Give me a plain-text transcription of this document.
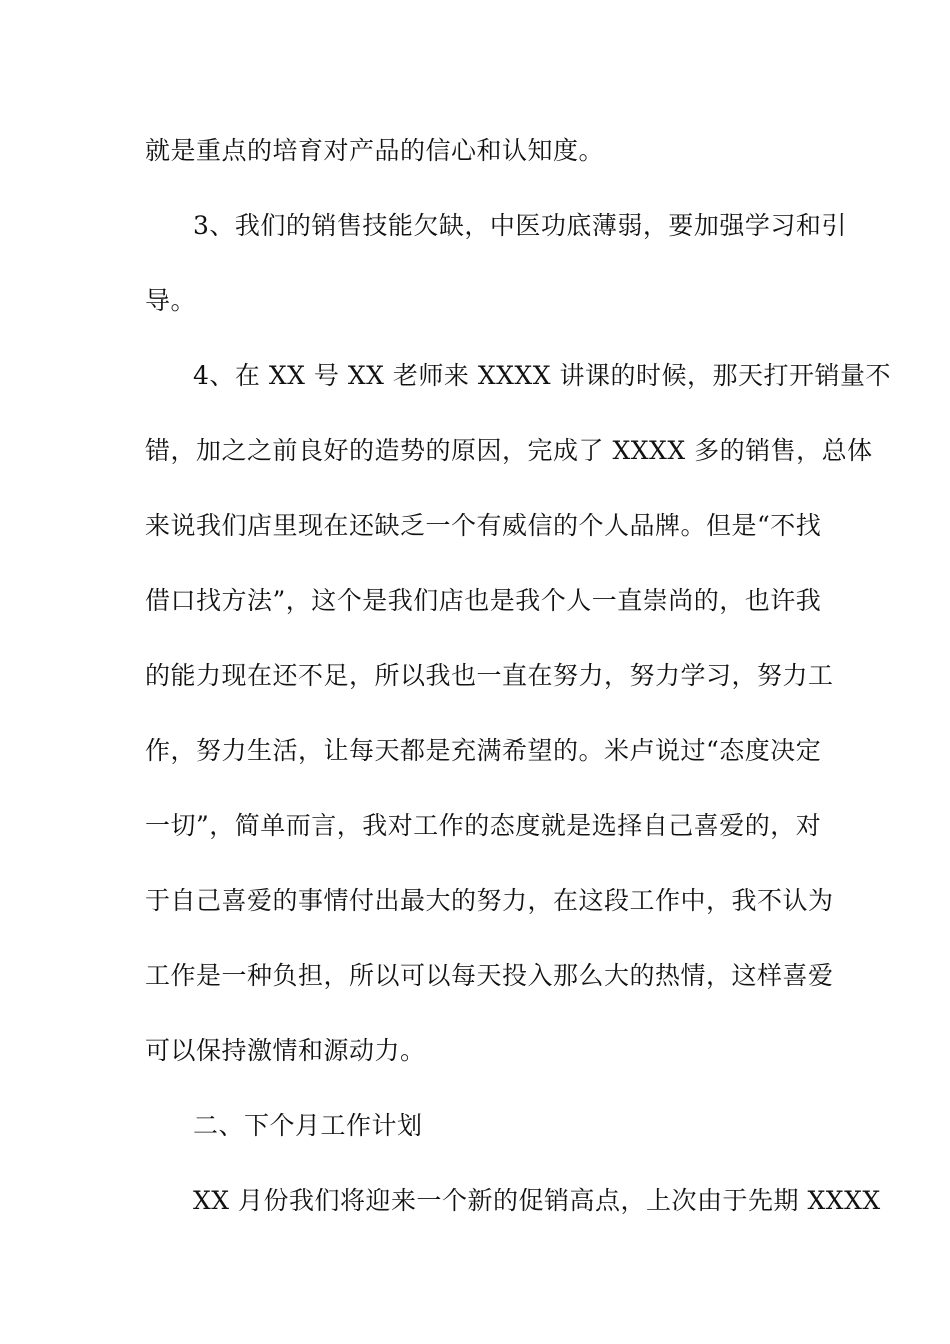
就是重点的培育对产品的信心和认知度。
3、我们的销售技能欠缺，中医功底薄弱，要加强学习和引
导。
4、在 XX 号 XX 老师来 XXXX 讲课的时候，那天打开销量不
错，加之之前良好的造势的原因，完成了 XXXX 多的销售，总体
来说我们店里现在还缺乏一个有威信的个人品牌。但是“不找
借口找方法”，这个是我们店也是我个人一直崇尚的，也许我
的能力现在还不足，所以我也一直在努力，努力学习，努力工
作，努力生活，让每天都是充满希望的。米卢说过“态度决定
一切”，简单而言，我对工作的态度就是选择自己喜爱的，对
于自己喜爱的事情付出最大的努力，在这段工作中，我不认为
工作是一种负担，所以可以每天投入那么大的热情，这样喜爱
可以保持激情和源动力。
二、下个月工作计划
XX 月份我们将迎来一个新的促销高点，上次由于先期 XXXX
